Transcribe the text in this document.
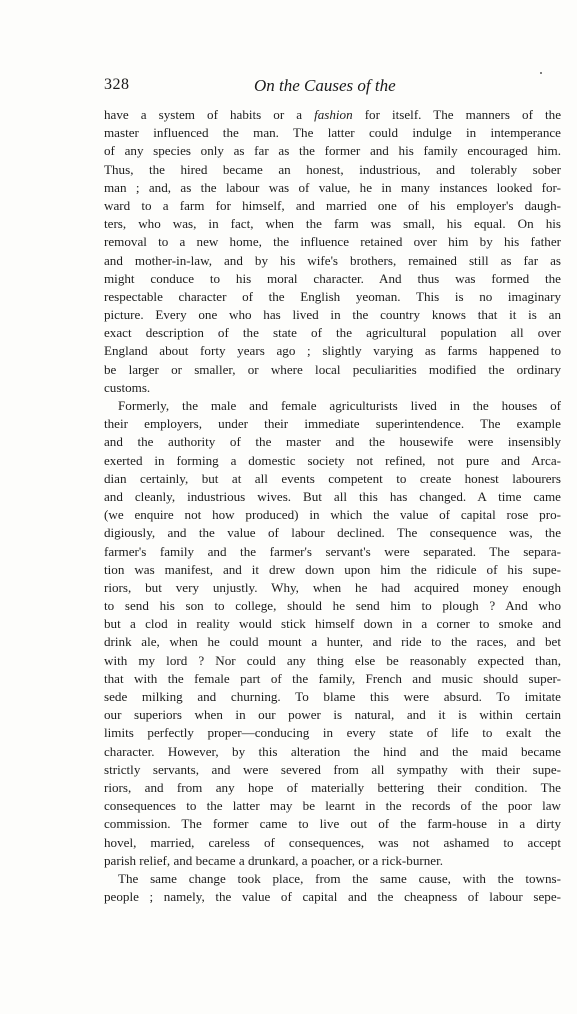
328	On the Causes of the
have a system of habits or a fashion for itself. The manners of the
master influenced the man. The latter could indulge in intemperance
of any species only as far as the former and his family encouraged him.
Thus, the hired became an honest, industrious, and tolerably sober
man ; and, as the labour was of value, he in many instances looked for-
ward to a farm for himself, and married one of his employer's daugh-
ters, who was, in fact, when the farm was small, his equal. On his
removal to a new home, the influence retained over him by his father
and mother-in-law, and by his wife's brothers, remained still as far as
might conduce to his moral character. And thus was formed the
respectable character of the English yeoman. This is no imaginary
picture. Every one who has lived in the country knows that it is an
exact description of the state of the agricultural population all over
England about forty years ago ; slightly varying as farms happened to
be larger or smaller, or where local peculiarities modified the ordinary
customs.
Formerly, the male and female agriculturists lived in the houses of
their employers, under their immediate superintendence. The example
and the authority of the master and the housewife were insensibly
exerted in forming a domestic society not refined, not pure and Arca-
dian certainly, but at all events competent to create honest labourers
and cleanly, industrious wives. But all this has changed. A time came
(we enquire not how produced) in which the value of capital rose pro-
digiously, and the value of labour declined. The consequence was, the
farmer's family and the farmer's servant's were separated. The separa-
tion was manifest, and it drew down upon him the ridicule of his supe-
riors, but very unjustly. Why, when he had acquired money enough
to send his son to college, should he send him to plough ? And who
but a clod in reality would stick himself down in a corner to smoke and
drink ale, when he could mount a hunter, and ride to the races, and bet
with my lord ? Nor could any thing else be reasonably expected than,
that with the female part of the family, French and music should super-
sede milking and churning. To blame this were absurd. To imitate
our superiors when in our power is natural, and it is within certain
limits perfectly proper—conducing in every state of life to exalt the
character. However, by this alteration the hind and the maid became
strictly servants, and were severed from all sympathy with their supe-
riors, and from any hope of materially bettering their condition. The
consequences to the latter may be learnt in the records of the poor law
commission. The former came to live out of the farm-house in a dirty
hovel, married, careless of consequences, was not ashamed to accept
parish relief, and became a drunkard, a poacher, or a rick-burner.
The same change took place, from the same cause, with the towns-
people ; namely, the value of capital and the cheapness of labour sepe-
